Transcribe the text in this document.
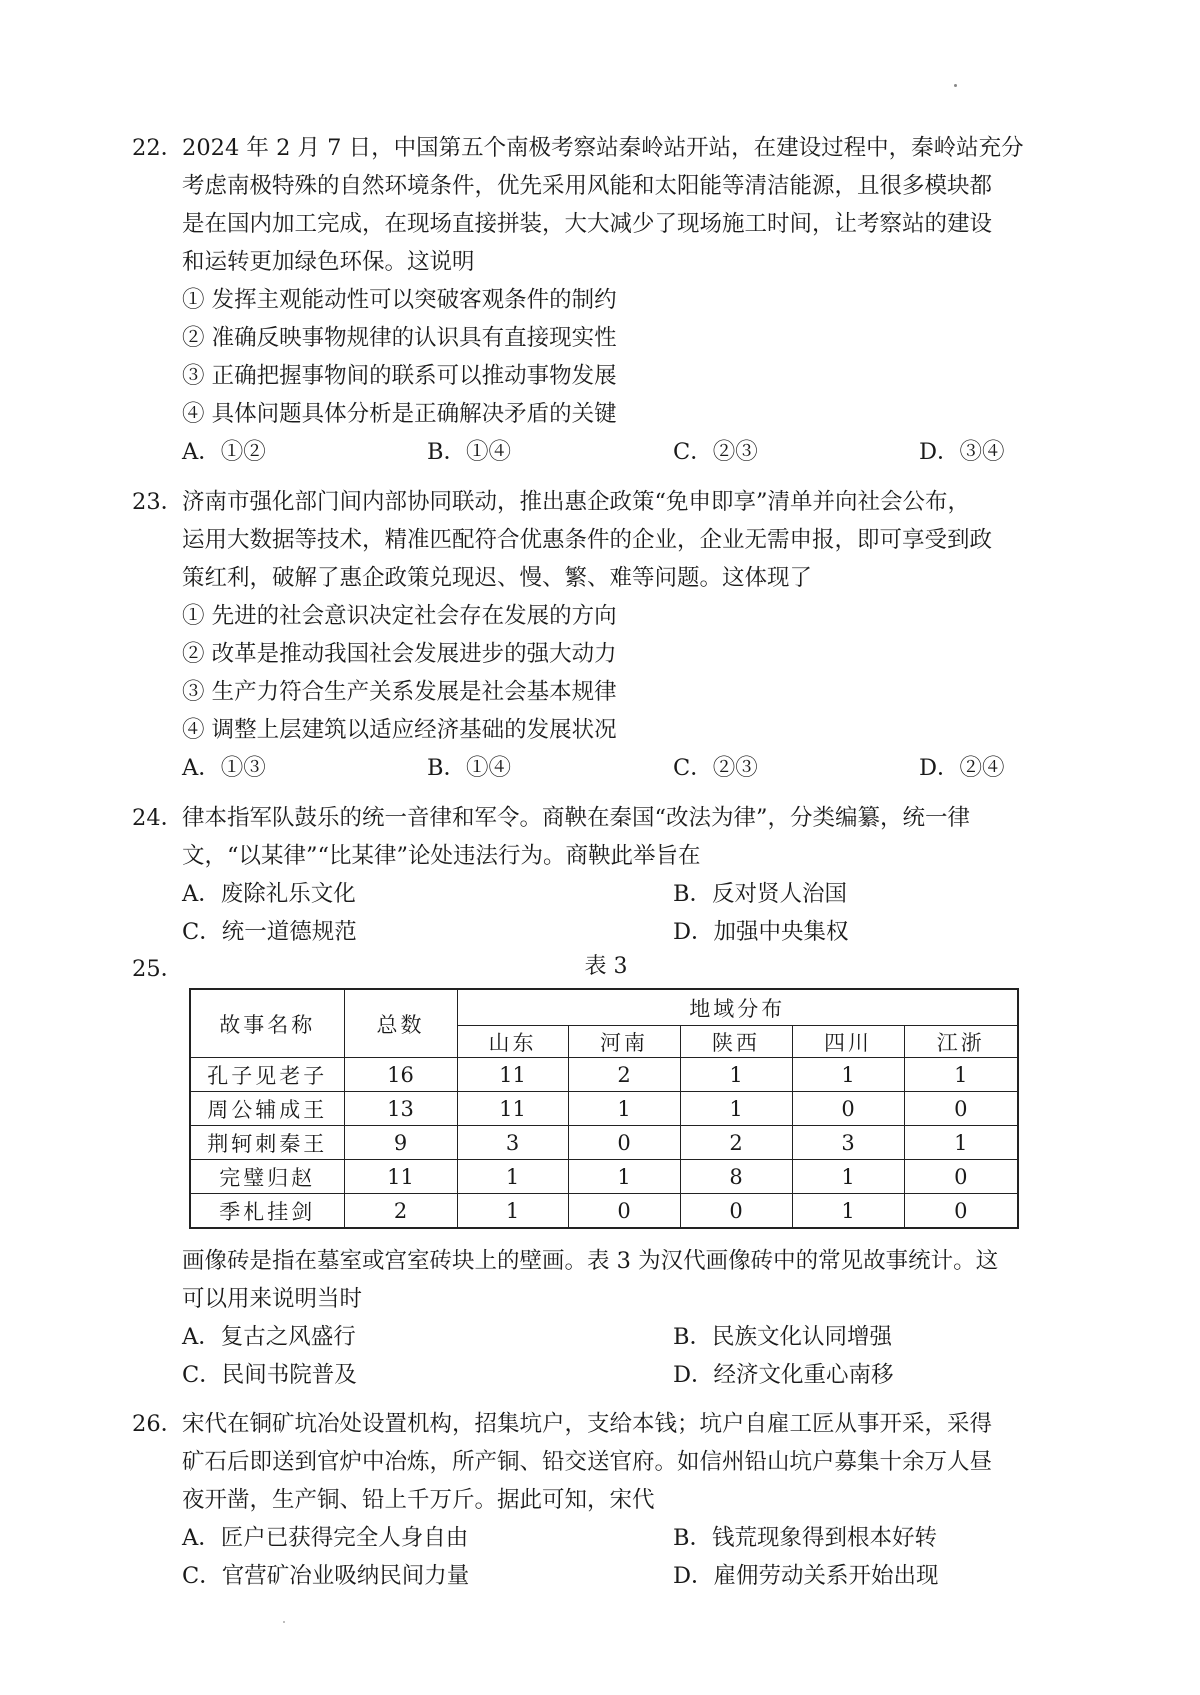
22．
2024 年 2 月 7 日，中国第五个南极考察站秦岭站开站，在建设过程中，秦岭站充分
考虑南极特殊的自然环境条件，优先采用风能和太阳能等清洁能源，且很多模块都
是在国内加工完成，在现场直接拼装，大大减少了现场施工时间，让考察站的建设
和运转更加绿色环保。这说明
① 发挥主观能动性可以突破客观条件的制约
② 准确反映事物规律的认识具有直接现实性
③ 正确把握事物间的联系可以推动事物发展
④ 具体问题具体分析是正确解决矛盾的关键
A．①②	B．①④	C．②③	D．③④
23．
济南市强化部门间内部协同联动，推出惠企政策“免申即享”清单并向社会公布，
运用大数据等技术，精准匹配符合优惠条件的企业，企业无需申报，即可享受到政
策红利，破解了惠企政策兑现迟、慢、繁、难等问题。这体现了
① 先进的社会意识决定社会存在发展的方向
② 改革是推动我国社会发展进步的强大动力
③ 生产力符合生产关系发展是社会基本规律
④ 调整上层建筑以适应经济基础的发展状况
A．①③	B．①④	C．②③	D．②④
24．
律本指军队鼓乐的统一音律和军令。商鞅在秦国“改法为律”，分类编纂，统一律
文，“以某律”“比某律”论处违法行为。商鞅此举旨在
A．废除礼乐文化	B．反对贤人治国
C．统一道德规范	D．加强中央集权
25．	表 3
故事名称	总数	地域分布				
		山东	河南	陕西	四川	江浙
孔子见老子	16	11	2	1	1	1
周公辅成王	13	11	1	1	0	0
荆轲刺秦王	9	3	0	2	3	1
完璧归赵	11	1	1	8	1	0
季札挂剑	2	1	0	0	1	0
画像砖是指在墓室或宫室砖块上的壁画。表 3 为汉代画像砖中的常见故事统计。这
可以用来说明当时
A．复古之风盛行	B．民族文化认同增强
C．民间书院普及	D．经济文化重心南移
26．
宋代在铜矿坑冶处设置机构，招集坑户，支给本钱；坑户自雇工匠从事开采，采得
矿石后即送到官炉中冶炼，所产铜、铅交送官府。如信州铅山坑户募集十余万人昼
夜开凿，生产铜、铅上千万斤。据此可知，宋代
A．匠户已获得完全人身自由	B．钱荒现象得到根本好转
C．官营矿冶业吸纳民间力量	D．雇佣劳动关系开始出现
